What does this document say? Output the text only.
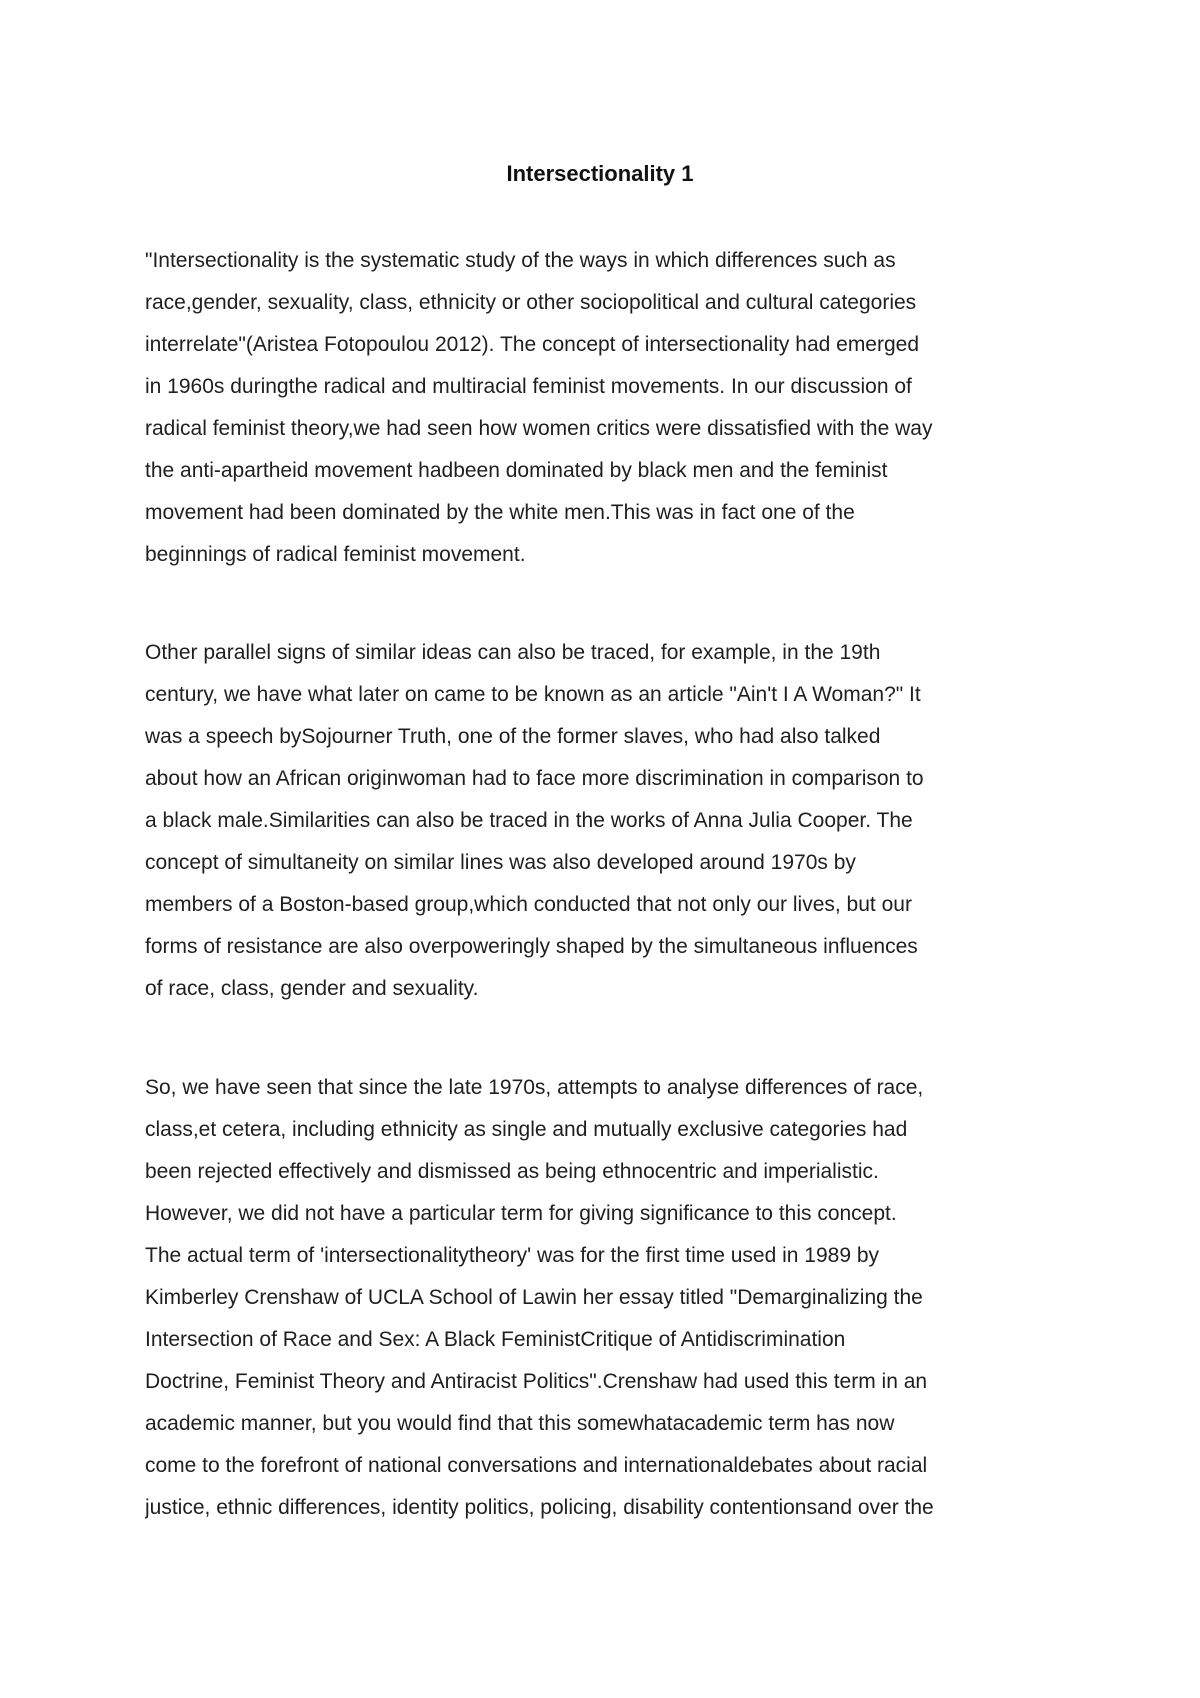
Intersectionality 1
"Intersectionality is the systematic study of the ways in which differences such as
race,gender, sexuality, class, ethnicity or other sociopolitical and cultural categories
interrelate"(Aristea Fotopoulou 2012). The concept of intersectionality had emerged
in 1960s duringthe radical and multiracial feminist movements. In our discussion of
radical feminist theory,we had seen how women critics were dissatisfied with the way
the anti-apartheid movement hadbeen dominated by black men and the feminist
movement had been dominated by the white men.This was in fact one of the
beginnings of radical feminist movement.
Other parallel signs of similar ideas can also be traced, for example, in the 19th
century, we have what later on came to be known as an article "Ain't I A Woman?" It
was a speech bySojourner Truth, one of the former slaves, who had also talked
about how an African originwoman had to face more discrimination in comparison to
a black male.Similarities can also be traced in the works of Anna Julia Cooper. The
concept of simultaneity on similar lines was also developed around 1970s by
members of a Boston-based group,which conducted that not only our lives, but our
forms of resistance are also overpoweringly shaped by the simultaneous influences
of race, class, gender and sexuality.
So, we have seen that since the late 1970s, attempts to analyse differences of race,
class,et cetera, including ethnicity as single and mutually exclusive categories had
been rejected effectively and dismissed as being ethnocentric and imperialistic.
However, we did not have a particular term for giving significance to this concept.
The actual term of 'intersectionalitytheory' was for the first time used in 1989 by
Kimberley Crenshaw of UCLA School of Lawin her essay titled "Demarginalizing the
Intersection of Race and Sex: A Black FeministCritique of Antidiscrimination
Doctrine, Feminist Theory and Antiracist Politics".Crenshaw had used this term in an
academic manner, but you would find that this somewhatacademic term has now
come to the forefront of national conversations and internationaldebates about racial
justice, ethnic differences, identity politics, policing, disability contentionsand over the
